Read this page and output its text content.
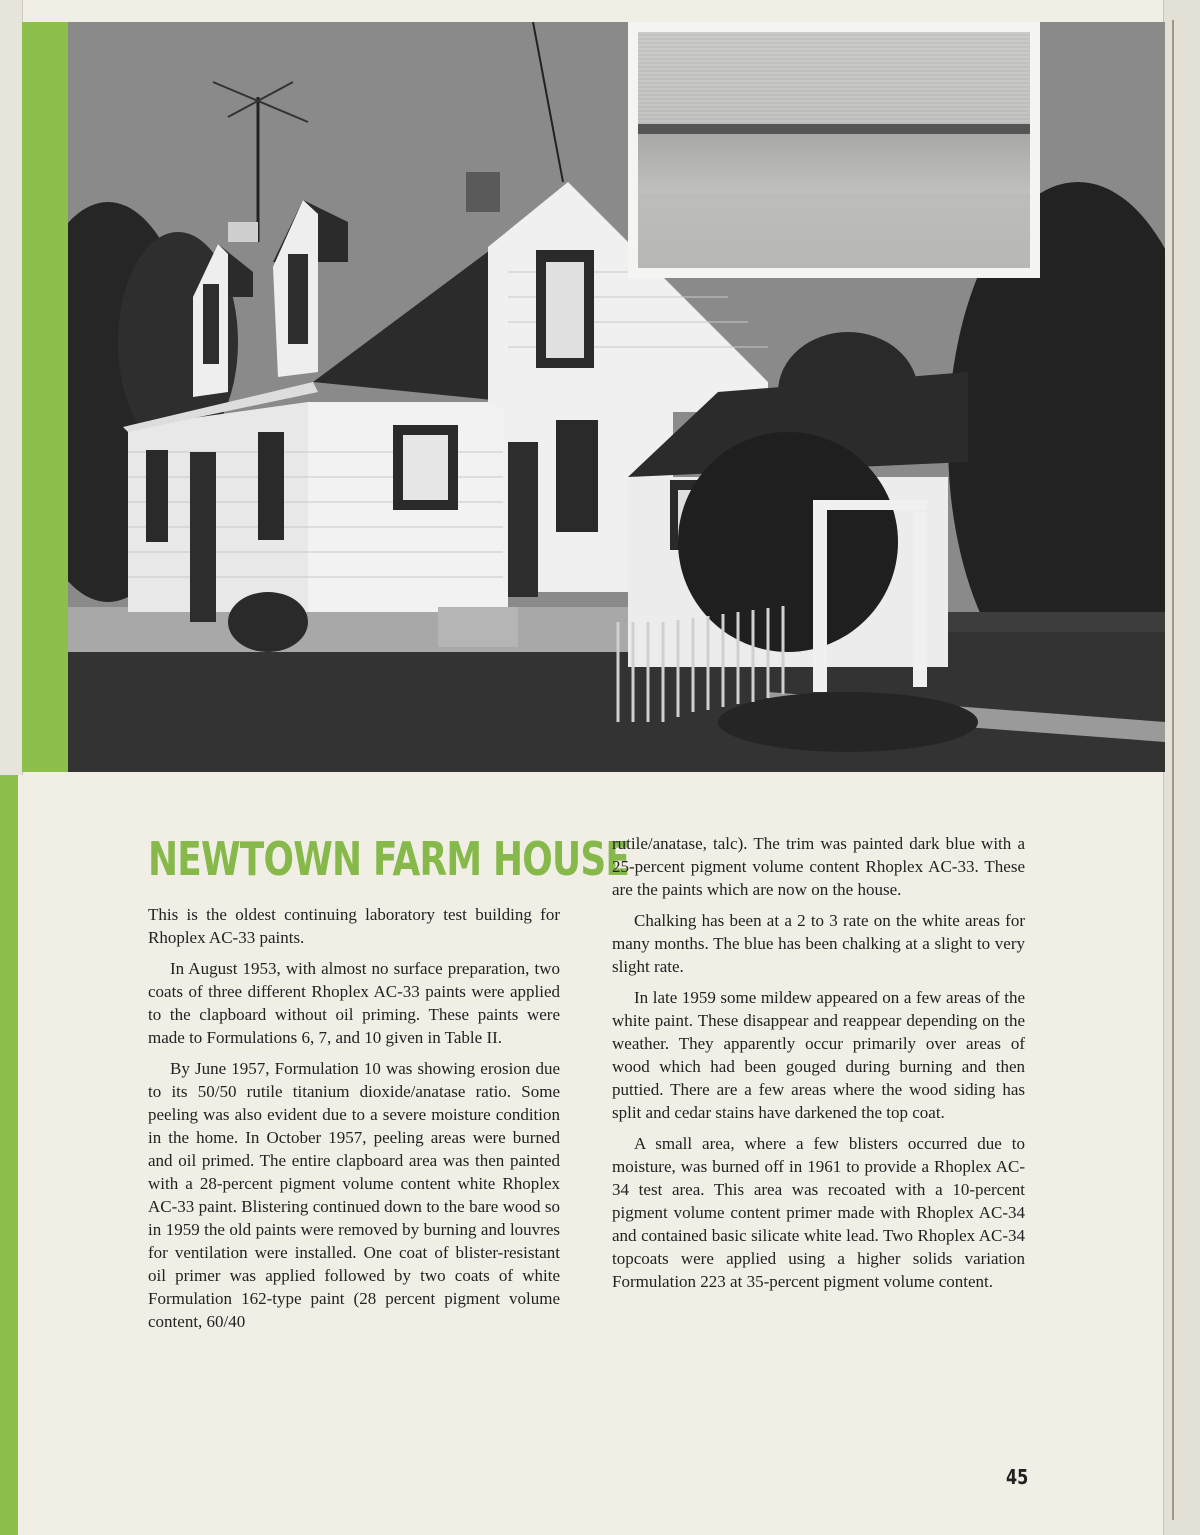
NEWTOWN FARM HOUSE

This is the oldest continuing laboratory test building for Rhoplex AC-33 paints.

In August 1953, with almost no surface preparation, two coats of three different Rhoplex AC-33 paints were applied to the clapboard without oil priming. These paints were made to Formulations 6, 7, and 10 given in Table II.

By June 1957, Formulation 10 was showing erosion due to its 50/50 rutile titanium dioxide/anatase ratio. Some peeling was also evident due to a severe moisture condition in the home. In October 1957, peeling areas were burned and oil primed. The entire clapboard area was then painted with a 28-percent pigment volume content white Rhoplex AC-33 paint. Blistering continued down to the bare wood so in 1959 the old paints were removed by burning and louvres for ventilation were installed. One coat of blister-resistant oil primer was applied followed by two coats of white Formulation 162-type paint (28 percent pigment volume content, 60/40

rutile/anatase, talc). The trim was painted dark blue with a 25-percent pigment volume content Rhoplex AC-33. These are the paints which are now on the house.

Chalking has been at a 2 to 3 rate on the white areas for many months. The blue has been chalking at a slight to very slight rate.

In late 1959 some mildew appeared on a few areas of the white paint. These disappear and reappear depending on the weather. They apparently occur primarily over areas of wood which had been gouged during burning and then puttied. There are a few areas where the wood siding has split and cedar stains have darkened the top coat.

A small area, where a few blisters occurred due to moisture, was burned off in 1961 to provide a Rhoplex AC-34 test area. This area was recoated with a 10-percent pigment volume content primer made with Rhoplex AC-34 and contained basic silicate white lead. Two Rhoplex AC-34 topcoats were applied using a higher solids variation Formulation 223 at 35-percent pigment volume content.

45
